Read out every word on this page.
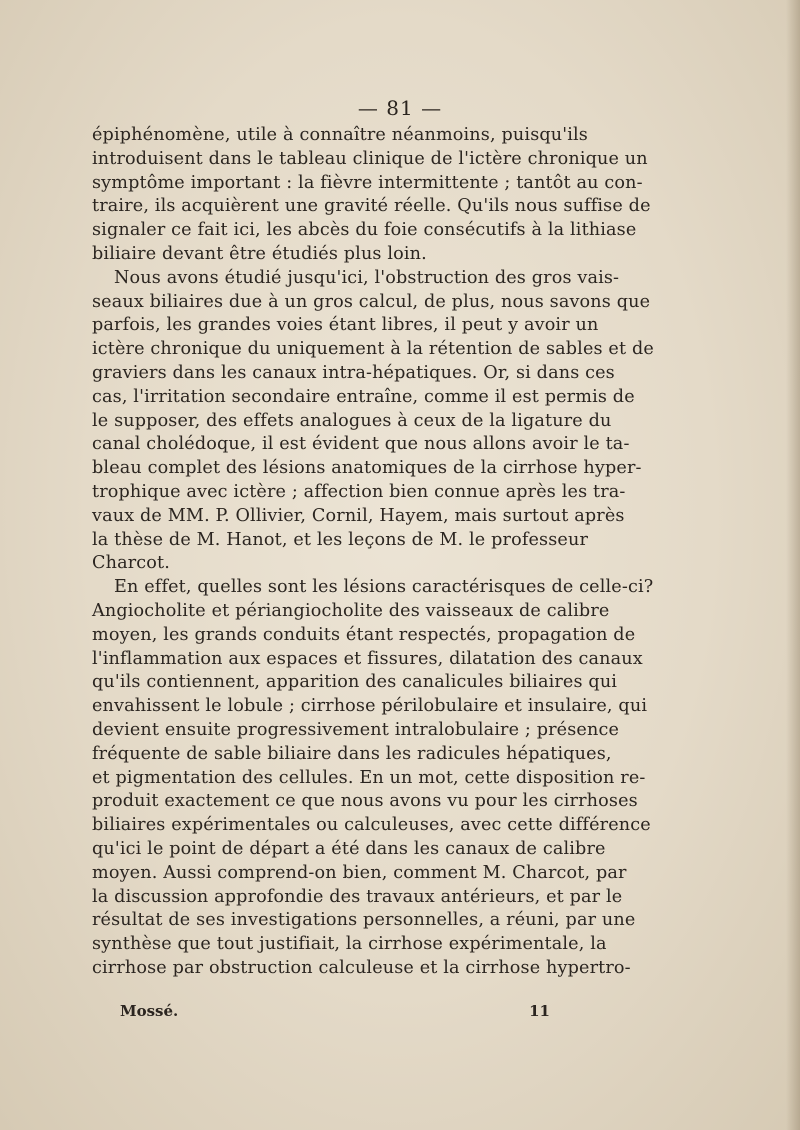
— 81 —
épiphénomène, utile à connaître néanmoins, puisqu'ils
introduisent dans le tableau clinique de l'ictère chronique un
symptôme important : la fièvre intermittente ; tantôt au con-
traire, ils acquièrent une gravité réelle. Qu'ils nous suffise de
signaler ce fait ici, les abcès du foie consécutifs à la lithiase
biliaire devant être étudiés plus loin.
Nous avons étudié jusqu'ici, l'obstruction des gros vais-
seaux biliaires due à un gros calcul, de plus, nous savons que
parfois, les grandes voies étant libres, il peut y avoir un
ictère chronique du uniquement à la rétention de sables et de
graviers dans les canaux intra-hépatiques. Or, si dans ces
cas, l'irritation secondaire entraîne, comme il est permis de
le supposer, des effets analogues à ceux de la ligature du
canal cholédoque, il est évident que nous allons avoir le ta-
bleau complet des lésions anatomiques de la cirrhose hyper-
trophique avec ictère ; affection bien connue après les tra-
vaux de MM. P. Ollivier, Cornil, Hayem, mais surtout après
la thèse de M. Hanot, et les leçons de M. le professeur
Charcot.
En effet, quelles sont les lésions caractérisques de celle-ci?
Angiocholite et périangiocholite des vaisseaux de calibre
moyen, les grands conduits étant respectés, propagation de
l'inflammation aux espaces et fissures, dilatation des canaux
qu'ils contiennent, apparition des canalicules biliaires qui
envahissent le lobule ; cirrhose périlobulaire et insulaire, qui
devient ensuite progressivement intralobulaire ; présence
fréquente de sable biliaire dans les radicules hépatiques,
et pigmentation des cellules. En un mot, cette disposition re-
produit exactement ce que nous avons vu pour les cirrhoses
biliaires expérimentales ou calculeuses, avec cette différence
qu'ici le point de départ a été dans les canaux de calibre
moyen. Aussi comprend-on bien, comment M. Charcot, par
la discussion approfondie des travaux antérieurs, et par le
résultat de ses investigations personnelles, a réuni, par une
synthèse que tout justifiait, la cirrhose expérimentale, la
cirrhose par obstruction calculeuse et la cirrhose hypertro-
Mossé.	11
